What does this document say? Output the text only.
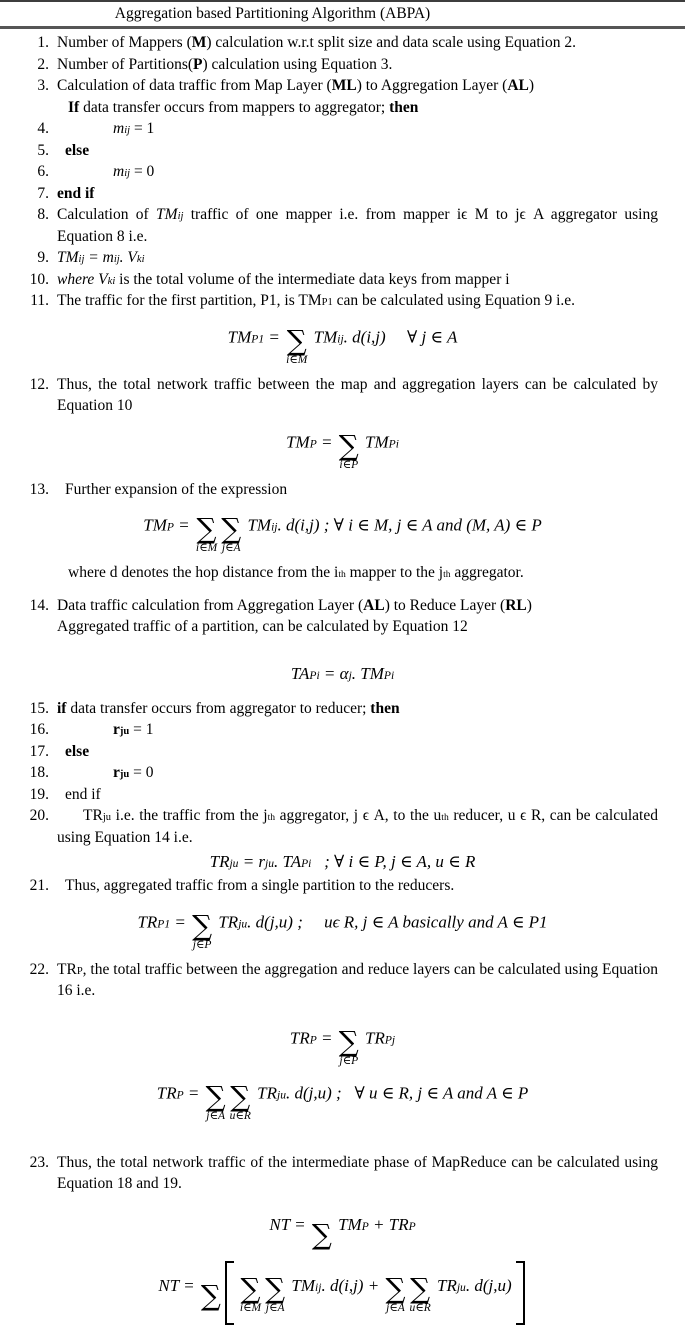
Aggregation based Partitioning Algorithm (ABPA)
1. Number of Mappers (M) calculation w.r.t split size and data scale using Equation 2.
2. Number of Partitions(P) calculation using Equation 3.
3. Calculation of data traffic from Map Layer (ML) to Aggregation Layer (AL)
If data transfer occurs from mappers to aggregator; then
4.	$m_{ij} = 1$
5.	else
6.	$m_{ij} = 0$
7. end if
8. Calculation of $TM_{ij}$ traffic of one mapper i.e. from mapper iϵ M to jϵ A aggregator using Equation 8 i.e.
9. $TM_{ij} = m_{ij}$. $V_{ki}$
10. where $V_{ki}$ is the total volume of the intermediate data keys from mapper i
11. The traffic for the first partition, P1, is $TM_{P1}$ can be calculated using Equation 9 i.e.
$TM_{P1}$ = ∑
i∈M
$TM_{ij}$. d(i,j)  ∀ j ∈ A
12. Thus, the total network traffic between the map and aggregation layers can be calculated by Equation 10
$TM_P$ = ∑
i∈P
$TM_{Pi}$
13.	Further expansion of the expression
$TM_P$ = ∑
i∈M
∑
j∈A
$TM_{ij}$. d(i,j) ; ∀ i ∈ M, j ∈ A and (M, A) ∈ P
where d denotes the hop distance from the $i^{th}$ mapper to the $j^{th}$ aggregator.
14. Data traffic calculation from Aggregation Layer (AL) to Reduce Layer (RL)
Aggregated traffic of a partition, can be calculated by Equation 12
$TA_{Pi} = \alpha_j$. $TM_{Pi}$
15. if data transfer occurs from aggregator to reducer; then
16.	$r_{ju} = 1$
17.	else
18.	$r_{ju} = 0$
19.	end if
20.	$TR_{ju}$ i.e. the traffic from the $j^{th}$ aggregator, j ϵ A, to the $u^{th}$ reducer, u ϵ R, can be calculated using Equation 14 i.e.
$TR_{ju} = r_{ju}$. $TA_{Pi}$  ; ∀ i ∈ P, j ∈ A, u ∈ R
21.	Thus, aggregated traffic from a single partition to the reducers.
$TR_{P1}$ = ∑
j∈P
$TR_{ju}$. d(j,u) ;  uϵ R, j ∈ A basically and A ∈ P1
22. $TR_P$, the total traffic between the aggregation and reduce layers can be calculated using Equation 16 i.e.
$TR_P$ = ∑
j∈P
$TR_{Pj}$
$TR_P$ = ∑
j∈A
∑
u∈R
$TR_{ju}$. d(j,u) ;  ∀ u ∈ R, j ∈ A and A ∈ P
23. Thus, the total network traffic of the intermediate phase of MapReduce can be calculated using Equation 18 and 19.
NT = ∑ $TM_P + TR_P$
NT = ∑ ∑
i∈M
∑
j∈A
$TM_{ij}$. d(i,j) + ∑
j∈A
∑
u∈R
$TR_{ju}$. d(j,u)
